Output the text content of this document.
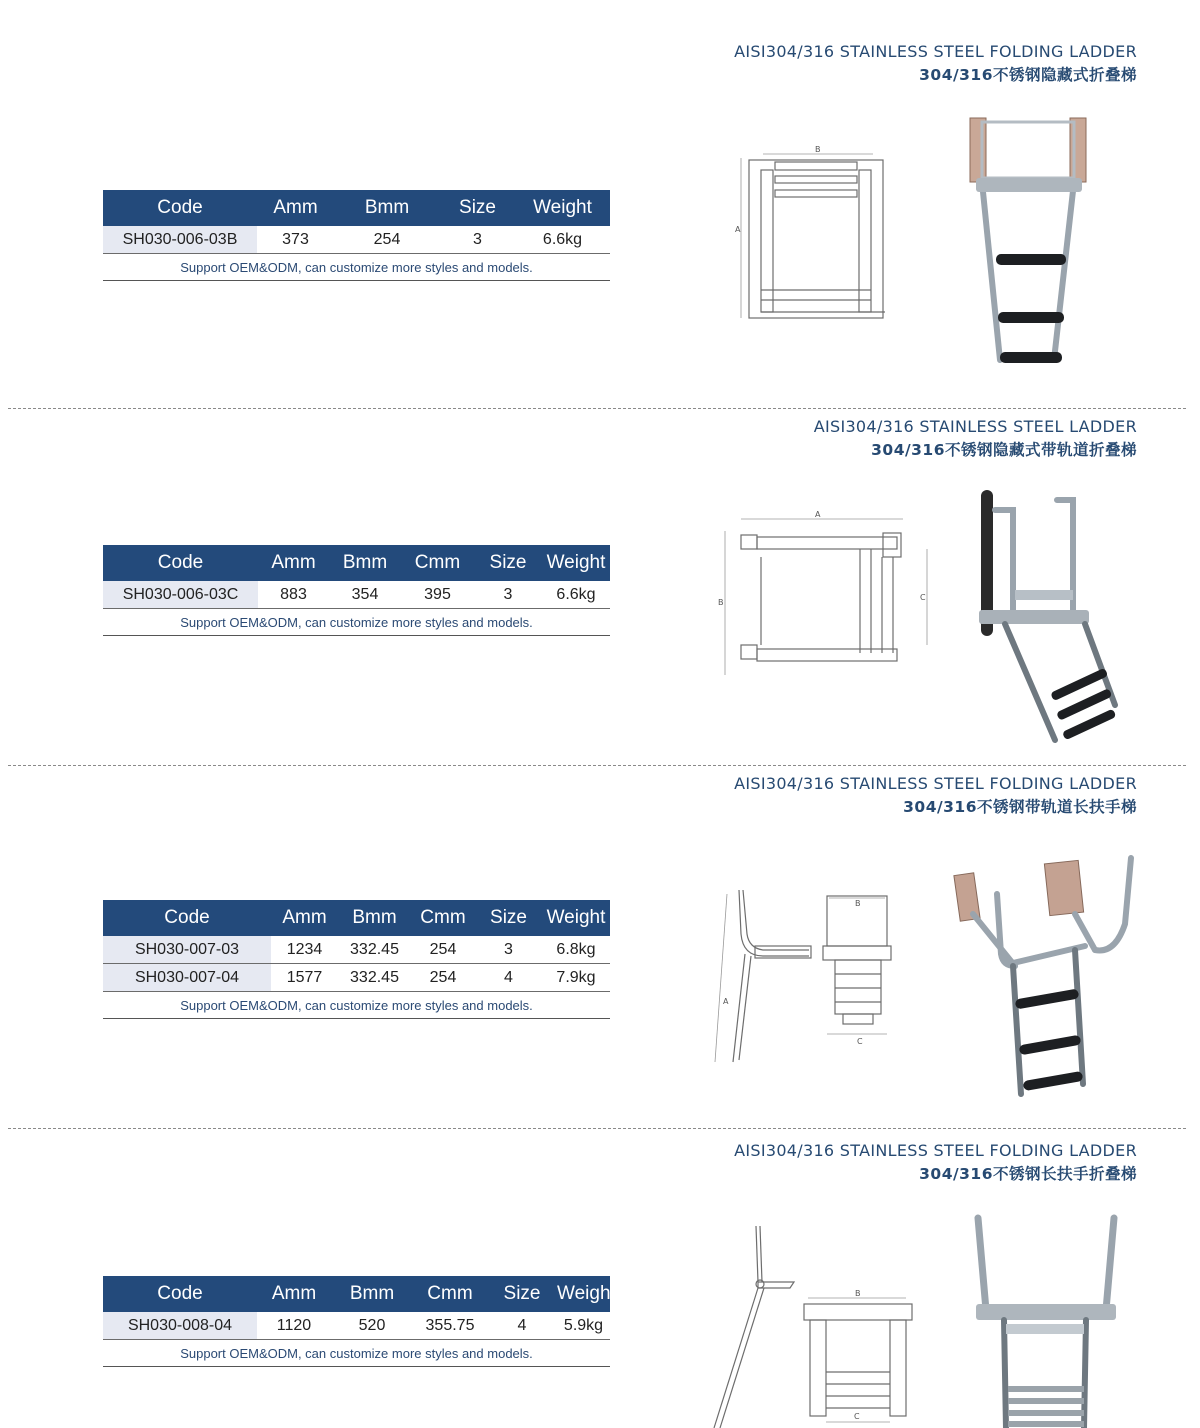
AISI304/316 STAINLESS STEEL FOLDING LADDER
304/316不锈钢隐藏式折叠梯
Code	Amm	Bmm	Size	Weight
SH030-006-03B	373	254	3	6.6kg
Support OEM&ODM, can customize more styles and models.				
B
A
AISI304/316 STAINLESS STEEL LADDER
304/316不锈钢隐藏式带轨道折叠梯
Code	Amm	Bmm	Cmm	Size	Weight
SH030-006-03C	883	354	395	3	6.6kg
Support OEM&ODM, can customize more styles and models.					
A
B
C
AISI304/316 STAINLESS STEEL FOLDING LADDER
304/316不锈钢带轨道长扶手梯
Code	Amm	Bmm	Cmm	Size	Weight
SH030-007-03	1234	332.45	254	3	6.8kg
SH030-007-04	1577	332.45	254	4	7.9kg
Support OEM&ODM, can customize more styles and models.						A
B
C
AISI304/316 STAINLESS STEEL FOLDING LADDER
304/316不锈钢长扶手折叠梯
Code	Amm	Bmm	Cmm	Size	Weight
SH030-008-04	1120	520	355.75	4	5.9kg
Support OEM&ODM, can customize more styles and models.					
B
C
